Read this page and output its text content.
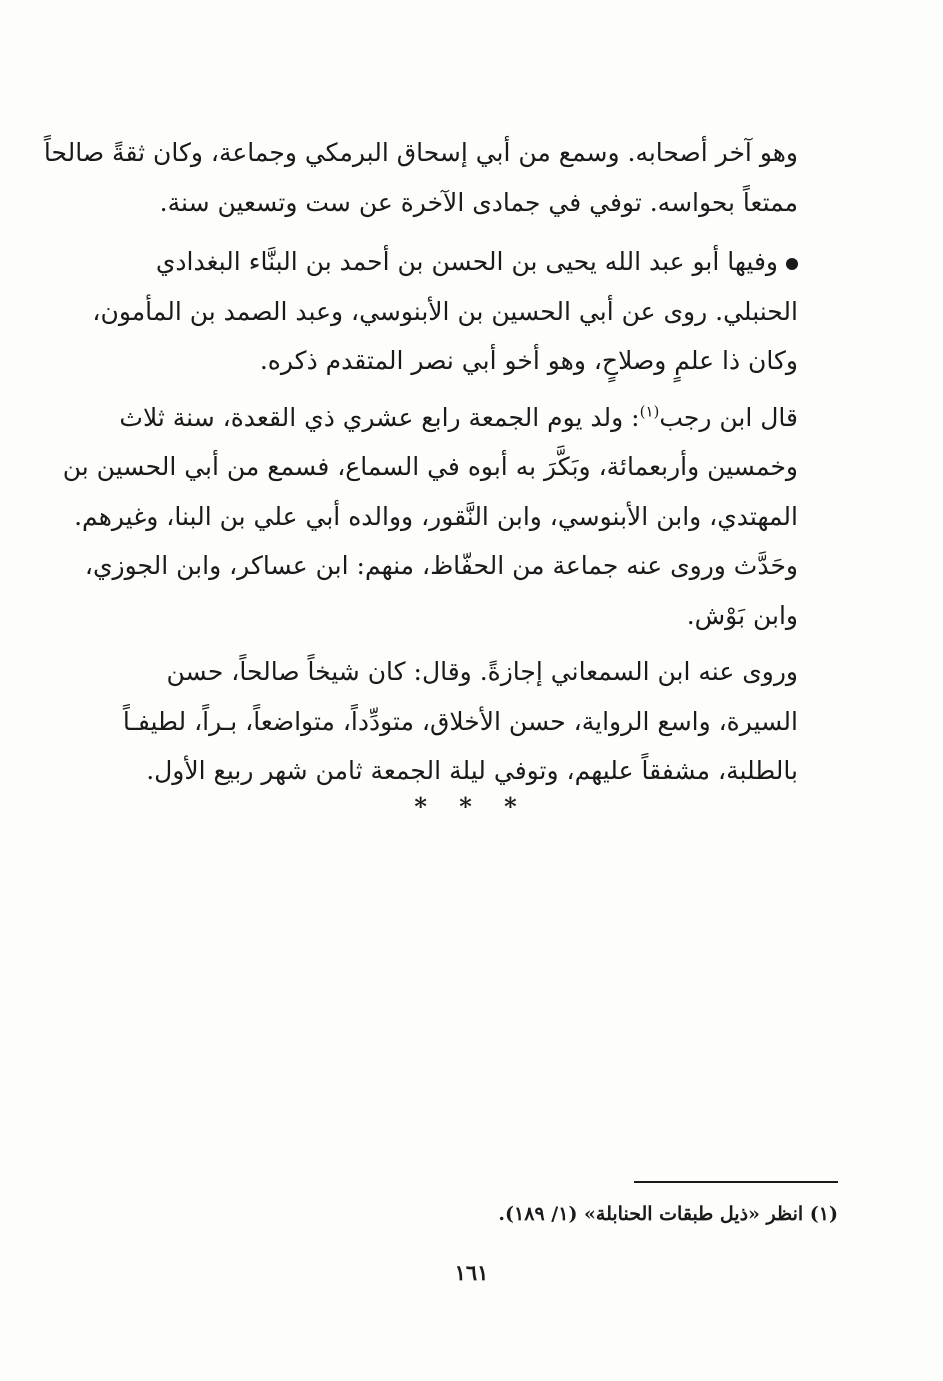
وهو آخر أصحابه. وسمع من أبي إسحاق البرمكي وجماعة، وكان ثقةً صالحاً
ممتعاً بحواسه. توفي في جمادى الآخرة عن ست وتسعين سنة.

وفيها أبو عبد الله يحيى بن الحسن بن أحمد بن البنَّاء البغدادي
الحنبلي. روى عن أبي الحسين بن الأبنوسي، وعبد الصمد بن المأمون،
وكان ذا علمٍ وصلاحٍ، وهو أخو أبي نصر المتقدم ذكره.

قال ابن رجب$^{(١)}$: ولد يوم الجمعة رابع عشري ذي القعدة، سنة ثلاث
وخمسين وأربعمائة، وبَكَّرَ به أبوه في السماع، فسمع من أبي الحسين بن
المهتدي، وابن الأبنوسي، وابن النَّقور، ووالده أبي علي بن البنا، وغيرهم.
وحَدَّث وروى عنه جماعة من الحفّاظ، منهم: ابن عساكر، وابن الجوزي،
وابن بَوْش.

وروى عنه ابن السمعاني إجازةً. وقال: كان شيخاً صالحاً، حسن
السيرة، واسع الرواية، حسن الأخلاق، متودِّداً، متواضعاً، بـراً، لطيفـاً
بالطلبة، مشفقاً عليهم، وتوفي ليلة الجمعة ثامن شهر ربيع الأول.

* * *
(١) انظر «ذيل طبقات الحنابلة» (١/ ١٨٩).
١٦١
